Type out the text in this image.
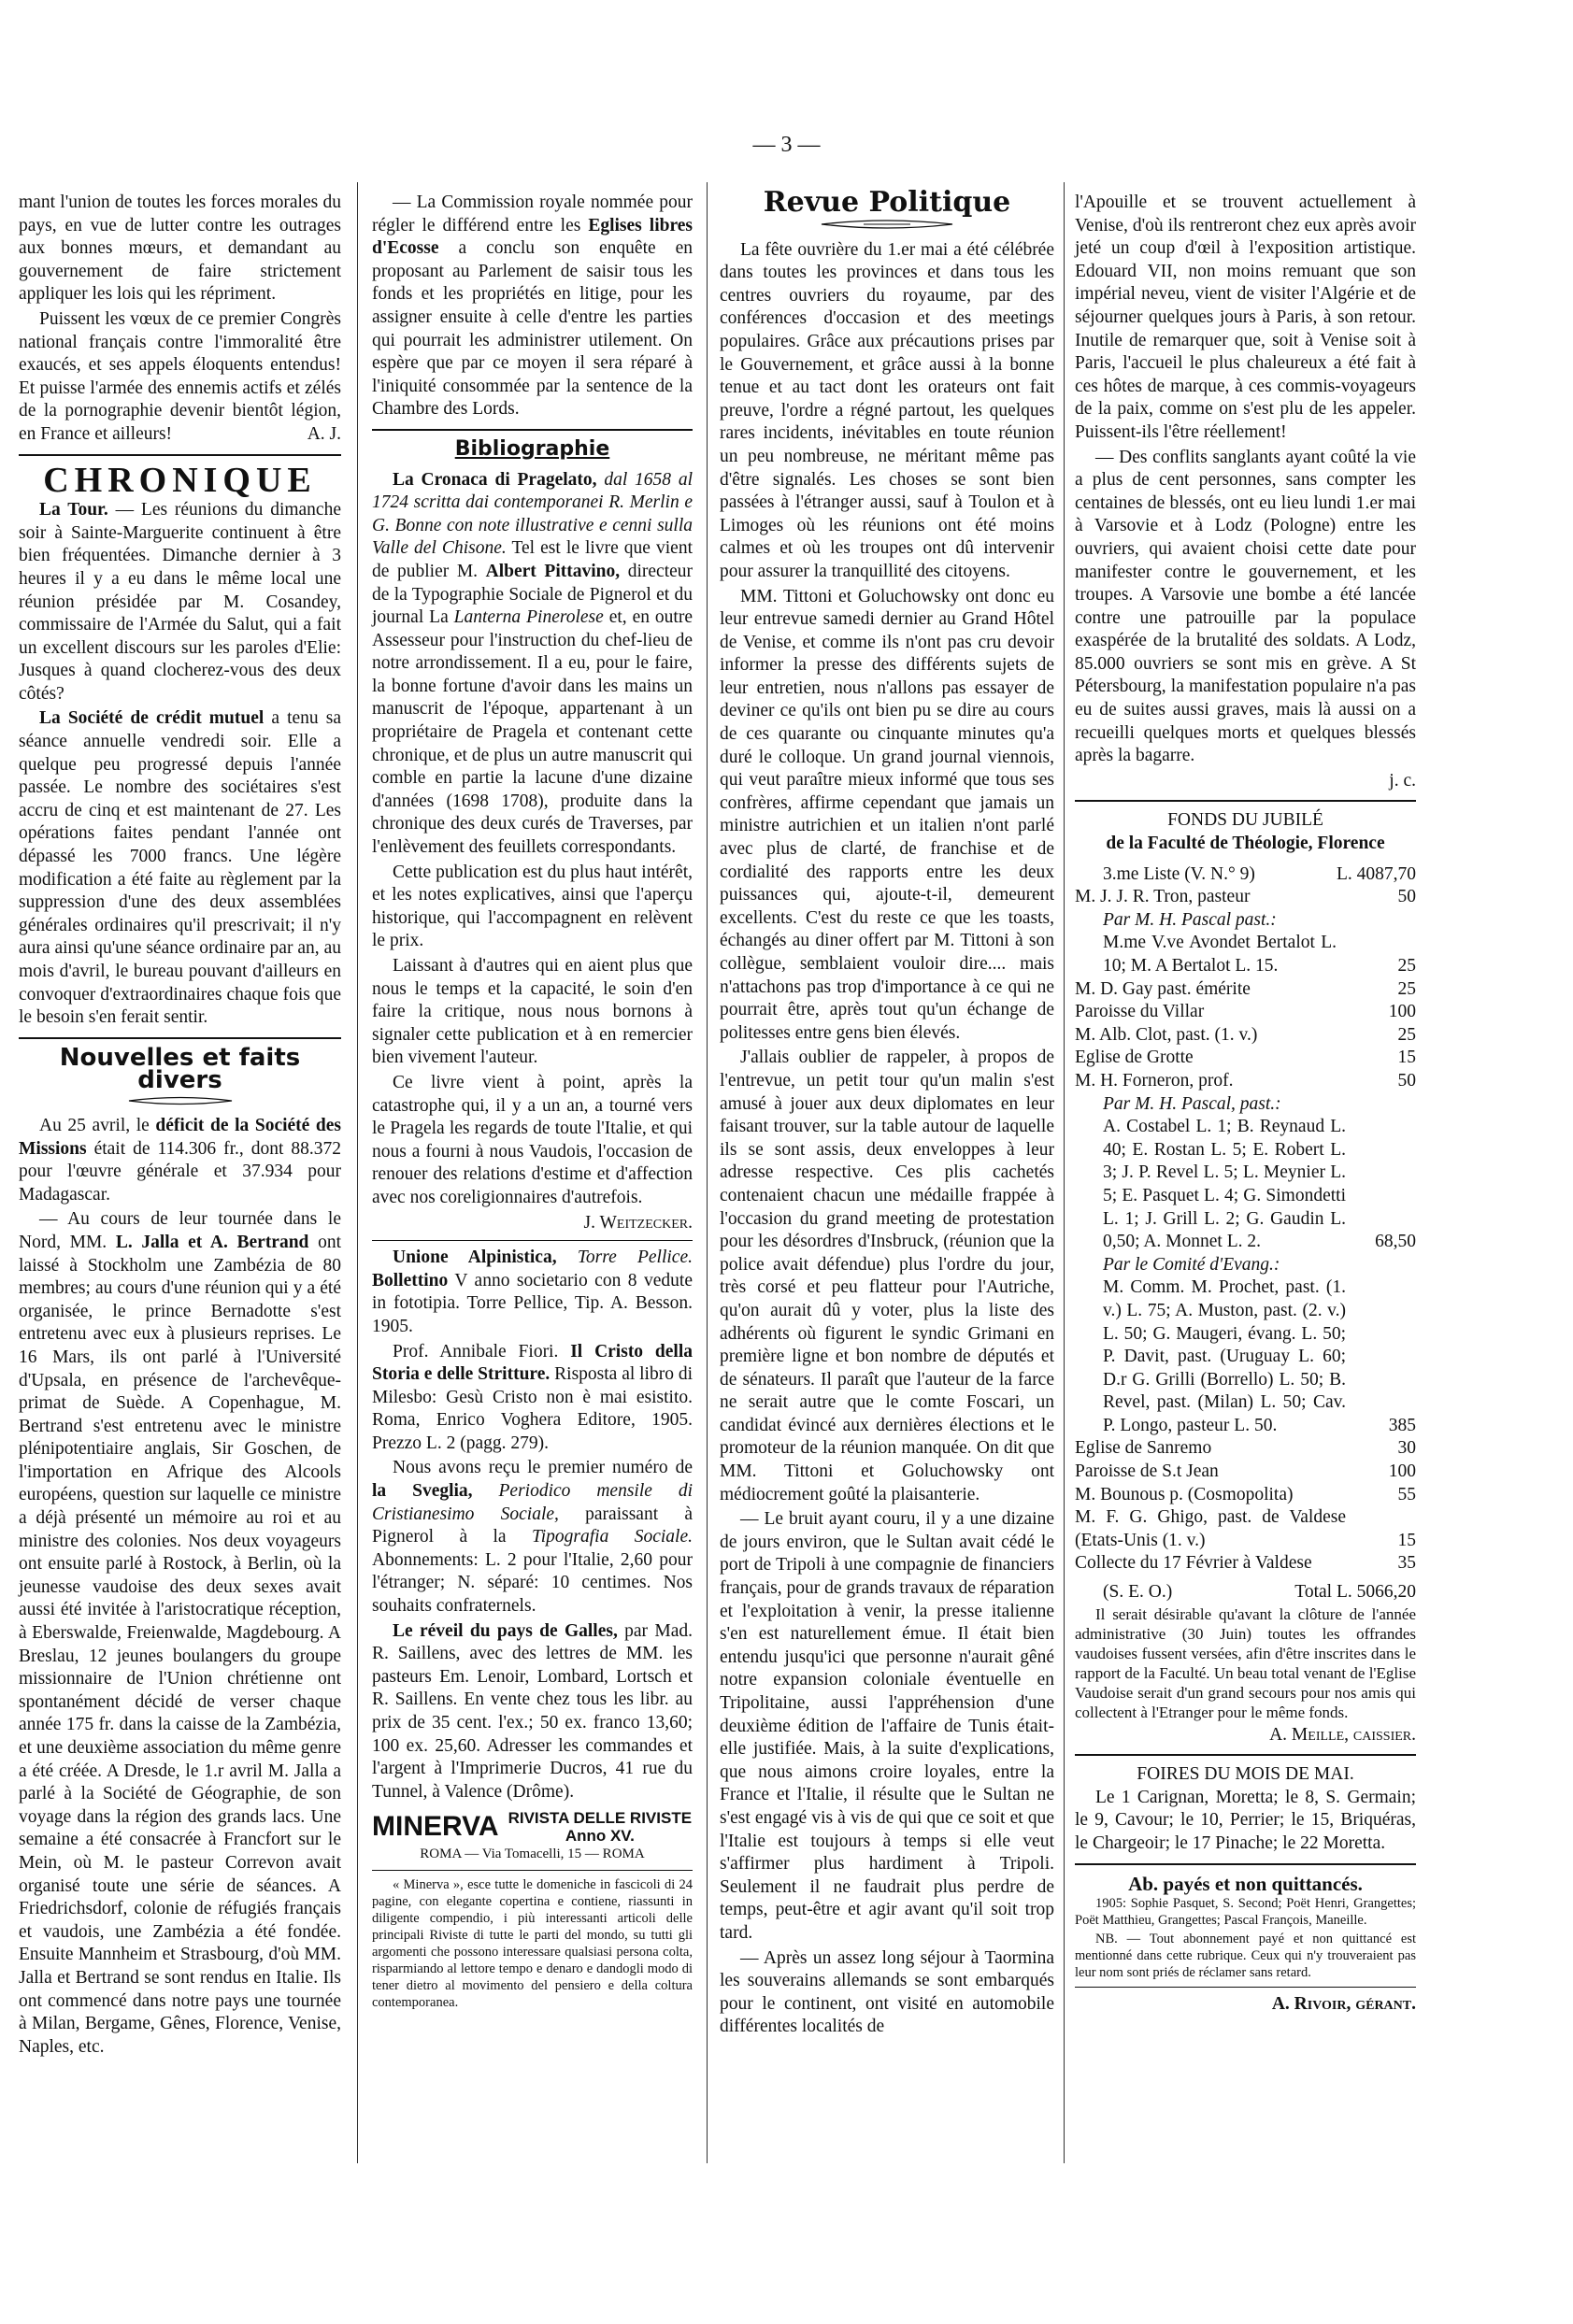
— 3 —

mant l'union de toutes les forces morales du pays, en vue de lutter contre les outrages aux bonnes mœurs, et demandant au gouvernement de faire strictement appliquer les lois qui les répriment.

Puissent les vœux de ce premier Congrès national français contre l'immoralité être exaucés, et ses appels éloquents entendus! Et puisse l'armée des ennemis actifs et zélés de la pornographie devenir bientôt légion, en France et ailleurs!	A. J.

CHRONIQUE

La Tour. — Les réunions du dimanche soir à Sainte-Marguerite continuent à être bien fréquentées. Dimanche dernier à 3 heures il y a eu dans le même local une réunion présidée par M. Cosandey, commissaire de l'Armée du Salut, qui a fait un excellent discours sur les paroles d'Elie: Jusques à quand clocherez-vous des deux côtés?

La Société de crédit mutuel a tenu sa séance annuelle vendredi soir. Elle a quelque peu progressé depuis l'année passée. Le nombre des sociétaires s'est accru de cinq et est maintenant de 27. Les opérations faites pendant l'année ont dépassé les 7000 francs. Une légère modification a été faite au règlement par la suppression d'une des deux assemblées générales ordinaires qu'il prescrivait; il n'y aura ainsi qu'une séance ordinaire par an, au mois d'avril, le bureau pouvant d'ailleurs en convoquer d'extraordinaires chaque fois que le besoin s'en ferait sentir.

Nouvelles et faits divers

Au 25 avril, le déficit de la Société des Missions était de 114.306 fr., dont 88.372 pour l'œuvre générale et 37.934 pour Madagascar.

— Au cours de leur tournée dans le Nord, MM. L. Jalla et A. Bertrand ont laissé à Stockholm une Zambézia de 80 membres; au cours d'une réunion qui y a été organisée, le prince Bernadotte s'est entretenu avec eux à plusieurs reprises. Le 16 Mars, ils ont parlé à l'Université d'Upsala, en présence de l'archevêque-primat de Suède. A Copenhague, M. Bertrand s'est entretenu avec le ministre plénipotentiaire anglais, Sir Goschen, de l'importation en Afrique des Alcools européens, question sur laquelle ce ministre a déjà présenté un mémoire au roi et au ministre des colonies. Nos deux voyageurs ont ensuite parlé à Rostock, à Berlin, où la jeunesse vaudoise des deux sexes avait aussi été invitée à l'aristocratique réception, à Eberswalde, Freienwalde, Magdebourg. A Breslau, 12 jeunes boulangers du groupe missionnaire de l'Union chrétienne ont spontanément décidé de verser chaque année 175 fr. dans la caisse de la Zambézia, et une deuxième association du même genre a été créée. A Dresde, le 1.r avril M. Jalla a parlé à la Société de Géographie, de son voyage dans la région des grands lacs. Une semaine a été consacrée à Francfort sur le Mein, où M. le pasteur Correvon avait organisé toute une série de séances. A Friedrichsdorf, colonie de réfugiés français et vaudois, une Zambézia a été fondée. Ensuite Mannheim et Strasbourg, d'où MM. Jalla et Bertrand se sont rendus en Italie. Ils ont commencé dans notre pays une tournée à Milan, Bergame, Gênes, Florence, Venise, Naples, etc.

— La Commission royale nommée pour régler le différend entre les Eglises libres d'Ecosse a conclu son enquête en proposant au Parlement de saisir tous les fonds et les propriétés en litige, pour les assigner ensuite à celle d'entre les parties qui pourrait les administrer utilement. On espère que par ce moyen il sera réparé à l'iniquité consommée par la sentence de la Chambre des Lords.

Bibliographie

La Cronaca di Pragelato, dal 1658 al 1724 scritta dai contemporanei R. Merlin e G. Bonne con note illustrative e cenni sulla Valle del Chisone. Tel est le livre que vient de publier M. Albert Pittavino, directeur de la Typographie Sociale de Pignerol et du journal La Lanterna Pinerolese et, en outre Assesseur pour l'instruction du chef-lieu de notre arrondissement. Il a eu, pour le faire, la bonne fortune d'avoir dans les mains un manuscrit de l'époque, appartenant à un propriétaire de Pragela et contenant cette chronique, et de plus un autre manuscrit qui comble en partie la lacune d'une dizaine d'années (1698 1708), produite dans la chronique des deux curés de Traverses, par l'enlèvement des feuillets correspondants.

Cette publication est du plus haut intérêt, et les notes explicatives, ainsi que l'aperçu historique, qui l'accompagnent en relèvent le prix.

Laissant à d'autres qui en aient plus que nous le temps et la capacité, le soin d'en faire la critique, nous nous bornons à signaler cette publication et à en remercier bien vivement l'auteur.

Ce livre vient à point, après la catastrophe qui, il y a un an, a tourné vers le Pragela les regards de toute l'Italie, et qui nous a fourni à nous Vaudois, l'occasion de renouer des relations d'estime et d'affection avec nos coreligionnaires d'autrefois.

J. Weitzecker.

Unione Alpinistica, Torre Pellice. Bollettino V anno societario con 8 vedute in fototipia. Torre Pellice, Tip. A. Besson. 1905.

Prof. Annibale Fiori. Il Cristo della Storia e delle Stritture. Risposta al libro di Milesbo: Gesù Cristo non è mai esistito. Roma, Enrico Voghera Editore, 1905. Prezzo L. 2 (pagg. 279).

Nous avons reçu le premier numéro de la Sveglia, Periodico mensile di Cristianesimo Sociale, paraissant à Pignerol à la Tipografia Sociale. Abonnements: L. 2 pour l'Italie, 2,60 pour l'étranger; N. séparé: 10 centimes. Nos souhaits confraternels.

Le réveil du pays de Galles, par Mad. R. Saillens, avec des lettres de MM. les pasteurs Em. Lenoir, Lombard, Lortsch et R. Saillens. En vente chez tous les libr. au prix de 35 cent. l'ex.; 50 ex. franco 13,60; 100 ex. 25,60. Adresser les commandes et l'argent à l'Imprimerie Ducros, 41 rue du Tunnel, à Valence (Drôme).

MINERVA RIVISTA DELLE RIVISTE
Anno XV.
ROMA — Via Tomacelli, 15 — ROMA

« Minerva », esce tutte le domeniche in fascicoli di 24 pagine, con elegante copertina e contiene, riassunti in diligente compendio, i più interessanti articoli delle principali Riviste di tutte le parti del mondo, su tutti gli argomenti che possono interessare qualsiasi persona colta, risparmiando al lettore tempo e denaro e dandogli modo di tener dietro al movimento del pensiero e della coltura contemporanea.

Revue Politique

La fête ouvrière du 1.er mai a été célébrée dans toutes les provinces et dans tous les centres ouvriers du royaume, par des conférences d'occasion et des meetings populaires. Grâce aux précautions prises par le Gouvernement, et grâce aussi à la bonne tenue et au tact dont les orateurs ont fait preuve, l'ordre a régné partout, les quelques rares incidents, inévitables en toute réunion un peu nombreuse, ne méritant même pas d'être signalés. Les choses se sont bien passées à l'étranger aussi, sauf à Toulon et à Limoges où les réunions ont été moins calmes et où les troupes ont dû intervenir pour assurer la tranquillité des citoyens.

MM. Tittoni et Goluchowsky ont donc eu leur entrevue samedi dernier au Grand Hôtel de Venise, et comme ils n'ont pas cru devoir informer la presse des différents sujets de leur entretien, nous n'allons pas essayer de deviner ce qu'ils ont bien pu se dire au cours de ces quarante ou cinquante minutes qu'a duré le colloque. Un grand journal viennois, qui veut paraître mieux informé que tous ses confrères, affirme cependant que jamais un ministre autrichien et un italien n'ont parlé avec plus de clarté, de franchise et de cordialité des rapports entre les deux puissances qui, ajoute-t-il, demeurent excellents. C'est du reste ce que les toasts, échangés au diner offert par M. Tittoni à son collègue, semblaient vouloir dire.... mais n'attachons pas trop d'importance à ce qui ne pourrait être, après tout qu'un échange de politesses entre gens bien élevés.

J'allais oublier de rappeler, à propos de l'entrevue, un petit tour qu'un malin s'est amusé à jouer aux deux diplomates en leur faisant trouver, sur la table autour de laquelle ils se sont assis, deux enveloppes à leur adresse respective. Ces plis cachetés contenaient chacun une médaille frappée à l'occasion du grand meeting de protestation pour les désordres d'Insbruck, (réunion que la police avait défendue) plus l'ordre du jour, très corsé et peu flatteur pour l'Autriche, qu'on aurait dû y voter, plus la liste des adhérents où figurent le syndic Grimani en première ligne et bon nombre de députés et de sénateurs. Il paraît que l'auteur de la farce ne serait autre que le comte Foscari, un candidat évincé aux dernières élections et le promoteur de la réunion manquée. On dit que MM. Tittoni et Goluchowsky ont médiocrement goûté la plaisanterie.

— Le bruit ayant couru, il y a une dizaine de jours environ, que le Sultan avait cédé le port de Tripoli à une compagnie de financiers français, pour de grands travaux de réparation et l'exploitation à venir, la presse italienne s'en est naturellement émue. Il était bien entendu jusqu'ici que personne n'aurait gêné notre expansion coloniale éventuelle en Tripolitaine, aussi l'appréhension d'une deuxième édition de l'affaire de Tunis était-elle justifiée. Mais, à la suite d'explications, que nous aimons croire loyales, entre la France et l'Italie, il résulte que le Sultan ne s'est engagé vis à vis de qui que ce soit et que l'Italie est toujours à temps si elle veut s'affirmer plus hardiment à Tripoli. Seulement il ne faudrait plus perdre de temps, peut-être et agir avant qu'il soit trop tard.

— Après un assez long séjour à Taormina les souverains allemands se sont embarqués pour le continent, ont visité en automobile différentes localités de

l'Apouille et se trouvent actuellement à Venise, d'où ils rentreront chez eux après avoir jeté un coup d'œil à l'exposition artistique. Edouard VII, non moins remuant que son impérial neveu, vient de visiter l'Algérie et de séjourner quelques jours à Paris, à son retour. Inutile de remarquer que, soit à Venise soit à Paris, l'accueil le plus chaleureux a été fait à ces hôtes de marque, à ces commis-voyageurs de la paix, comme on s'est plu de les appeler. Puissent-ils l'être réellement!

— Des conflits sanglants ayant coûté la vie a plus de cent personnes, sans compter les centaines de blessés, ont eu lieu lundi 1.er mai à Varsovie et à Lodz (Pologne) entre les ouvriers, qui avaient choisi cette date pour manifester contre le gouvernement, et les troupes. A Varsovie une bombe a été lancée contre une patrouille par la populace exaspérée de la brutalité des soldats. A Lodz, 85.000 ouvriers se sont mis en grève. A St Pétersbourg, la manifestation populaire n'a pas eu de suites aussi graves, mais là aussi on a recueilli quelques morts et quelques blessés après la bagarre.

j. c.

FONDS DU JUBILÉ
de la Faculté de Théologie, Florence
3.me Liste (V. N.° 9)	L. 4087,70
M. J. J. R. Tron, pasteur	50
Par M. H. Pascal past.:
M.me V.ve Avondet Bertalot L. 10; M. A Bertalot L. 15.	25
M. D. Gay past. émérite	25
Paroisse du Villar	100
M. Alb. Clot, past. (1. v.)	25
Eglise de Grotte	15
M. H. Forneron, prof.	50
Par M. H. Pascal, past.:
A. Costabel L. 1; B. Reynaud L. 40; E. Rostan L. 5; E. Robert L. 3; J. P. Revel L. 5; L. Meynier L. 5; E. Pasquet L. 4; G. Simondetti L. 1; J. Grill L. 2; G. Gaudin L. 0,50; A. Monnet L. 2.	68,50
Par le Comité d'Evang.:
M. Comm. M. Prochet, past. (1. v.) L. 75; A. Muston, past. (2. v.) L. 50; G. Maugeri, évang. L. 50; P. Davit, past. (Uruguay L. 60; D.r G. Grilli (Borrello) L. 50; B. Revel, past. (Milan) L. 50; Cav. P. Longo, pasteur L. 50.	385
Eglise de Sanremo	30
Paroisse de S.t Jean	100
M. Bounous p. (Cosmopolita)	55
M. F. G. Ghigo, past. de Valdese (Etats-Unis (1. v.)	15
Collecte du 17 Février à Valdese	35
(S. E. O.)	Total L. 5066,20

Il serait désirable qu'avant la clôture de l'année administrative (30 Juin) toutes les offrandes vaudoises fussent versées, afin d'être inscrites dans le rapport de la Faculté. Un beau total venant de l'Eglise Vaudoise serait d'un grand secours pour nos amis qui collectent à l'Etranger pour le même fonds.

A. Meille, caissier.

FOIRES DU MOIS DE MAI.

Le 1 Carignan, Moretta; le 8, S. Germain; le 9, Cavour; le 10, Perrier; le 15, Briquéras, le Chargeoir; le 17 Pinache; le 22 Moretta.

Ab. payés et non quittancés.

1905: Sophie Pasquet, S. Second; Poët Henri, Grangettes; Poët Matthieu, Grangettes; Pascal François, Maneille.

NB. — Tout abonnement payé et non quittancé est mentionné dans cette rubrique. Ceux qui n'y trouveraient pas leur nom sont priés de réclamer sans retard.

A. Rivoir, gérant.
